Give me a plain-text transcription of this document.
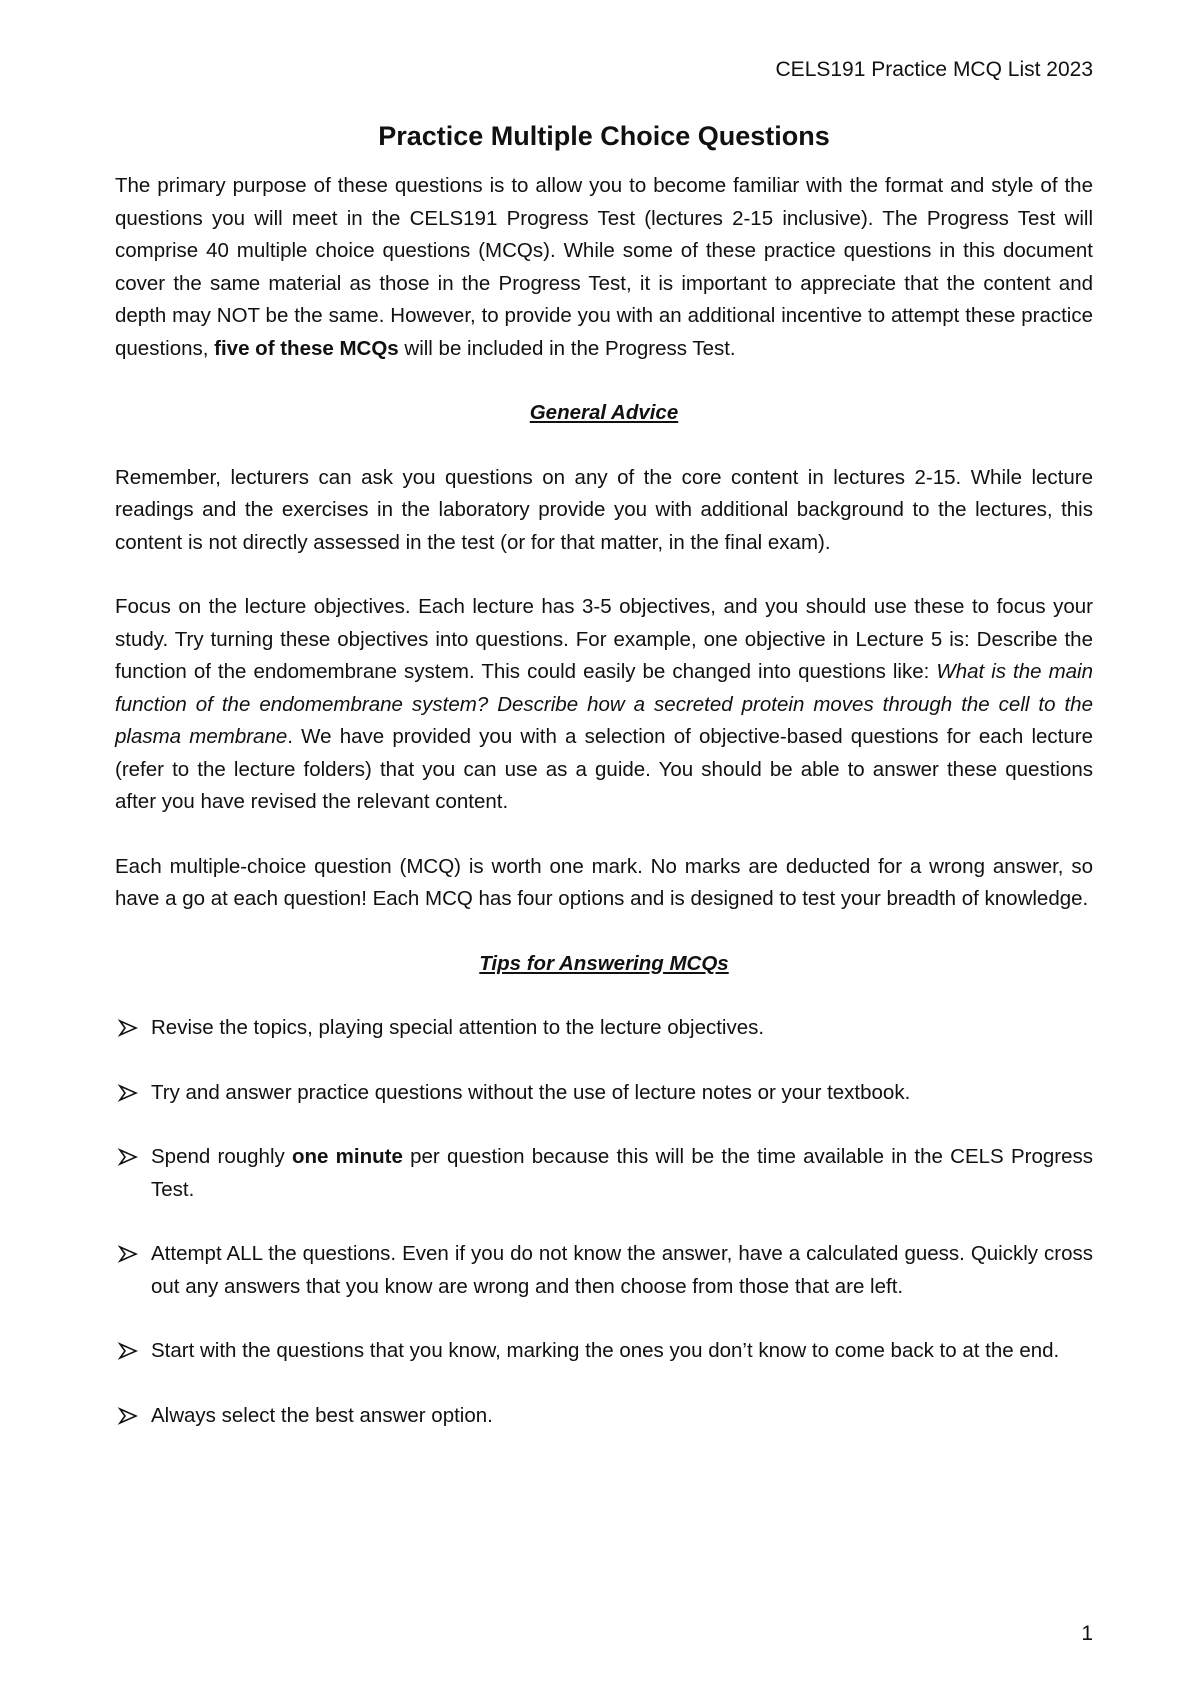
CELS191 Practice MCQ List 2023
Practice Multiple Choice Questions

The primary purpose of these questions is to allow you to become familiar with the format and style of the questions you will meet in the CELS191 Progress Test (lectures 2-15 inclusive). The Progress Test will comprise 40 multiple choice questions (MCQs). While some of these practice questions in this document cover the same material as those in the Progress Test, it is important to appreciate that the content and depth may NOT be the same. However, to provide you with an additional incentive to attempt these practice questions, five of these MCQs will be included in the Progress Test.

General Advice

Remember, lecturers can ask you questions on any of the core content in lectures 2-15. While lecture readings and the exercises in the laboratory provide you with additional background to the lectures, this content is not directly assessed in the test (or for that matter, in the final exam).

Focus on the lecture objectives. Each lecture has 3-5 objectives, and you should use these to focus your study. Try turning these objectives into questions. For example, one objective in Lecture 5 is: Describe the function of the endomembrane system. This could easily be changed into questions like: What is the main function of the endomembrane system? Describe how a secreted protein moves through the cell to the plasma membrane. We have provided you with a selection of objective-based questions for each lecture (refer to the lecture folders) that you can use as a guide. You should be able to answer these questions after you have revised the relevant content.

Each multiple-choice question (MCQ) is worth one mark. No marks are deducted for a wrong answer, so have a go at each question! Each MCQ has four options and is designed to test your breadth of knowledge.

Tips for Answering MCQs
Revise the topics, playing special attention to the lecture objectives.
Try and answer practice questions without the use of lecture notes or your textbook.
Spend roughly one minute per question because this will be the time available in the CELS Progress Test.
Attempt ALL the questions. Even if you do not know the answer, have a calculated guess. Quickly cross out any answers that you know are wrong and then choose from those that are left.
Start with the questions that you know, marking the ones you don’t know to come back to at the end.
Always select the best answer option.
1
